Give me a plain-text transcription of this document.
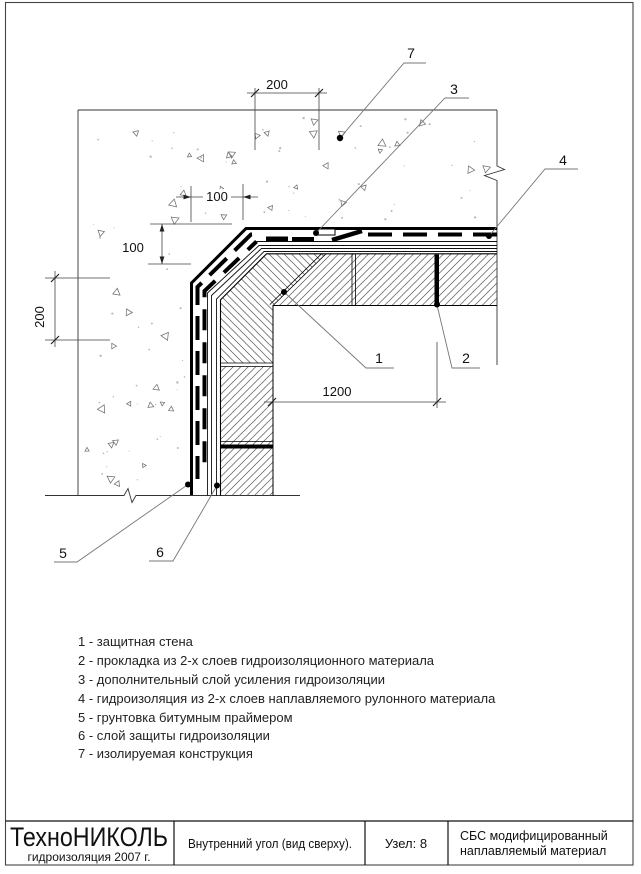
200
100
100
200
1200
7
3
4
1	2
5	6
1 - защитная стена
2 - прокладка из 2-х слоев гидроизоляционного материала
3 - дополнительный слой усиления гидроизоляции
4 - гидроизоляция из 2-х слоев наплавляемого рулонного материала
5 - грунтовка битумным праймером
6 - слой защиты гидроизоляции
7 - изолируемая конструкция
ТехноНИКОЛЬ
гидроизоляция 2007 г.
Внутренний угол (вид сверху).	Узел: 8	СБС модифицированный
наплавляемый материал
